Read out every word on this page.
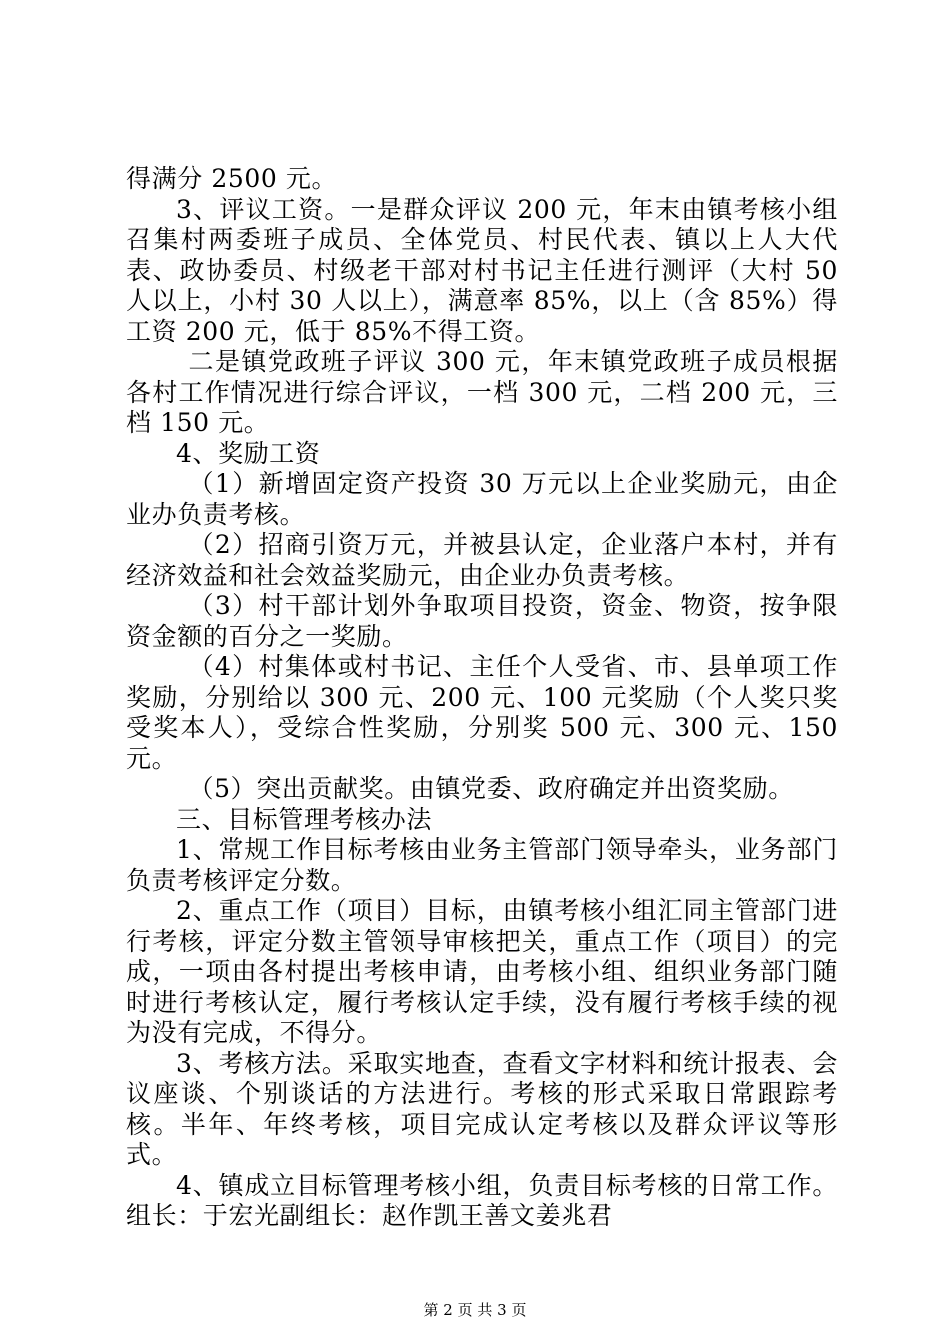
得满分 2500 元。

3、评议工资。一是群众评议 200 元，年末由镇考核小组召集村两委班子成员、全体党员、村民代表、镇以上人大代表、政协委员、村级老干部对村书记主任进行测评（大村 50 人以上，小村 30 人以上），满意率 85%，以上（含 85%）得工资 200 元，低于 85%不得工资。

二是镇党政班子评议 300 元，年末镇党政班子成员根据各村工作情况进行综合评议，一档 300 元，二档 200 元，三档 150 元。

4、奖励工资

（1）新增固定资产投资 30 万元以上企业奖励元，由企业办负责考核。

（2）招商引资万元，并被县认定，企业落户本村，并有经济效益和社会效益奖励元，由企业办负责考核。

（3）村干部计划外争取项目投资，资金、物资，按争限资金额的百分之一奖励。

（4）村集体或村书记、主任个人受省、市、县单项工作奖励，分别给以 300 元、200 元、100 元奖励（个人奖只奖受奖本人），受综合性奖励，分别奖 500 元、300 元、150 元。

（5）突出贡献奖。由镇党委、政府确定并出资奖励。

三、目标管理考核办法

1、常规工作目标考核由业务主管部门领导牵头，业务部门负责考核评定分数。

2、重点工作（项目）目标，由镇考核小组汇同主管部门进行考核，评定分数主管领导审核把关，重点工作（项目）的完成，一项由各村提出考核申请，由考核小组、组织业务部门随时进行考核认定，履行考核认定手续，没有履行考核手续的视为没有完成，不得分。

3、考核方法。采取实地查，查看文字材料和统计报表、会议座谈、个别谈话的方法进行。考核的形式采取日常跟踪考核。半年、年终考核，项目完成认定考核以及群众评议等形式。

4、镇成立目标管理考核小组，负责目标考核的日常工作。组长：于宏光副组长：赵作凯王善文姜兆君

第 2 页 共 3 页
